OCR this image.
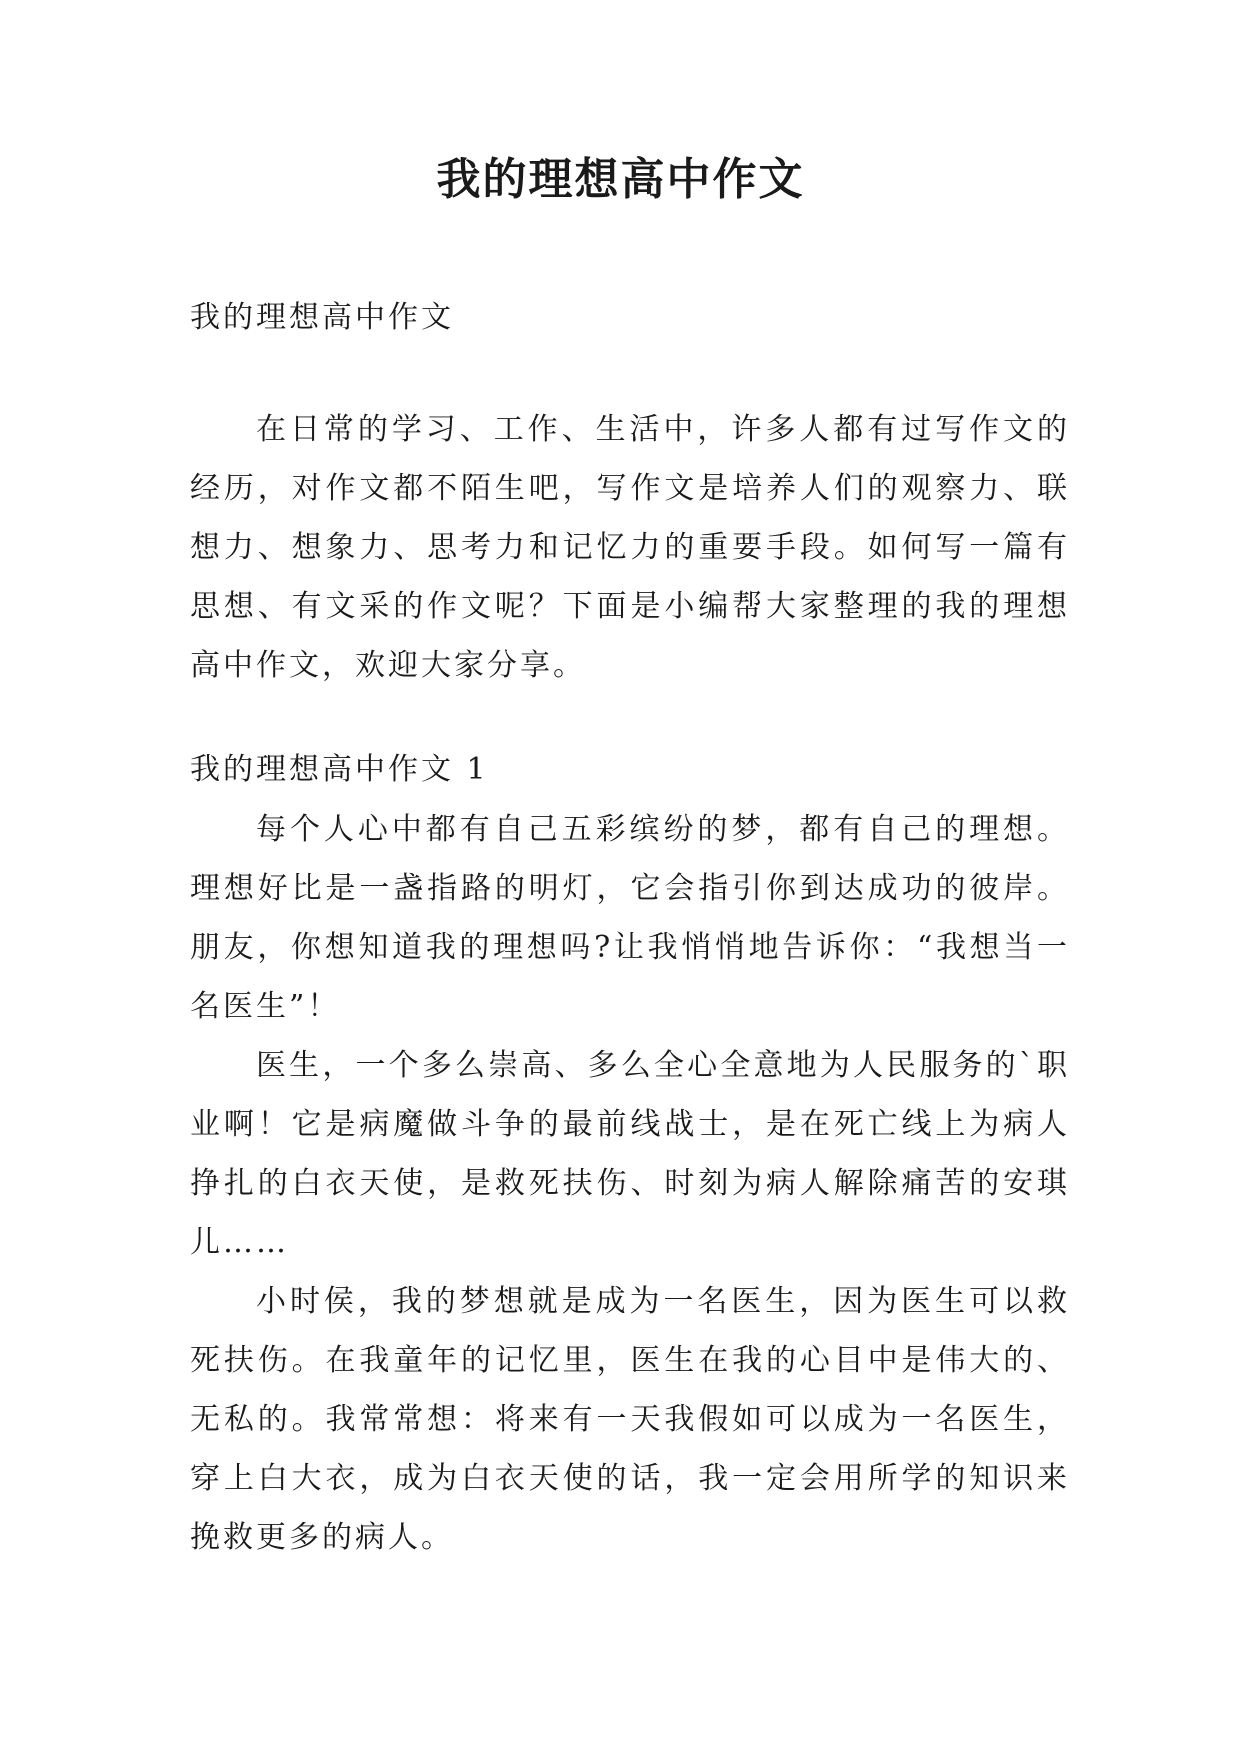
我的理想高中作文
我的理想高中作文

在日常的学习、工作、生活中，许多人都有过写作文的经历，对作文都不陌生吧，写作文是培养人们的观察力、联想力、想象力、思考力和记忆力的重要手段。如何写一篇有思想、有文采的作文呢？下面是小编帮大家整理的我的理想高中作文，欢迎大家分享。

我的理想高中作文 1

每个人心中都有自己五彩缤纷的梦，都有自己的理想。理想好比是一盏指路的明灯，它会指引你到达成功的彼岸。朋友，你想知道我的理想吗?让我悄悄地告诉你：“我想当一名医生”！

医生，一个多么崇高、多么全心全意地为人民服务的`职业啊！它是病魔做斗争的最前线战士，是在死亡线上为病人挣扎的白衣天使，是救死扶伤、时刻为病人解除痛苦的安琪儿……

小时侯，我的梦想就是成为一名医生，因为医生可以救死扶伤。在我童年的记忆里，医生在我的心目中是伟大的、无私的。我常常想：将来有一天我假如可以成为一名医生，穿上白大衣，成为白衣天使的话，我一定会用所学的知识来挽救更多的病人。
